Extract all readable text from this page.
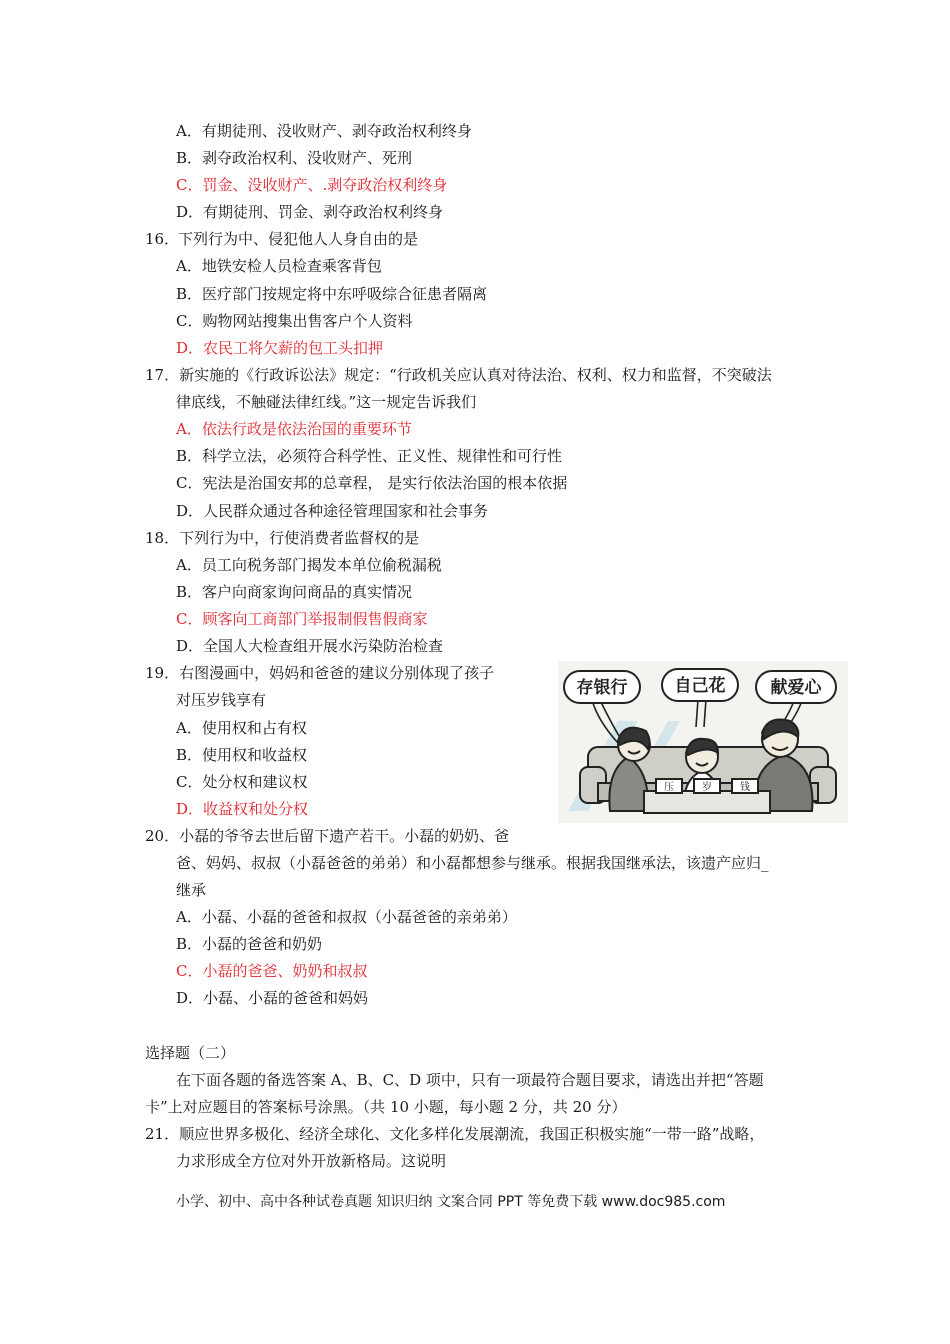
A．有期徒刑、没收财产、剥夺政治权利终身
B．剥夺政治权利、没收财产、死刑
C．罚金、没收财产、.剥夺政治权利终身
D．有期徒刑、罚金、剥夺政治权利终身
16．
下列行为中、侵犯他人人身自由的是
A．地铁安检人员检查乘客背包
B．医疗部门按规定将中东呼吸综合征患者隔离
C．购物网站搜集出售客户个人资料
D．农民工将欠薪的包工头扣押
17．新实施的《行政诉讼法》规定：“行政机关应认真对待法治、权利、权力和监督，不突破法
律底线，不触碰法律红线。”这一规定告诉我们
A．依法行政是依法治国的重要环节
B．科学立法，必须符合科学性、正义性、规律性和可行性
C．宪法是治国安邦的总章程， 是实行依法治国的根本依据
D．人民群众通过各种途径管理国家和社会事务
18．下列行为中，行使消费者监督权的是
A．员工向税务部门揭发本单位偷税漏税
B．客户向商家询问商品的真实情况
C．顾客向工商部门举报制假售假商家
D．全国人大检查组开展水污染防治检查
19．右图漫画中，妈妈和爸爸的建议分别体现了孩子
对压岁钱享有
A．使用权和占有权
B．使用权和收益权
C．处分权和建议权
D．收益权和处分权
存银行	自己花	献爱心
压	岁	钱
20．小磊的爷爷去世后留下遗产若干。小磊的奶奶、爸
爸、妈妈、叔叔（小磊爸爸的弟弟）和小磊都想参与继承。根据我国继承法，该遗产应归_
继承
A．小磊、小磊的爸爸和叔叔（小磊爸爸的亲弟弟）
B．小磊的爸爸和奶奶
C．小磊的爸爸、奶奶和叔叔
D．小磊、小磊的爸爸和妈妈
选择题（二）
在下面各题的备选答案 A、B、C、D 项中，只有一项最符合题目要求，请选出并把“答题
卡”上对应题目的答案标号涂黑。（共 10 小题，每小题 2 分，共 20 分）
21．顺应世界多极化、经济全球化、文化多样化发展潮流，我国正积极实施“一带一路”战略，
力求形成全方位对外开放新格局。这说明
小学、初中、高中各种试卷真题 知识归纳 文案合同 PPT 等免费下载 www.doc985.com
